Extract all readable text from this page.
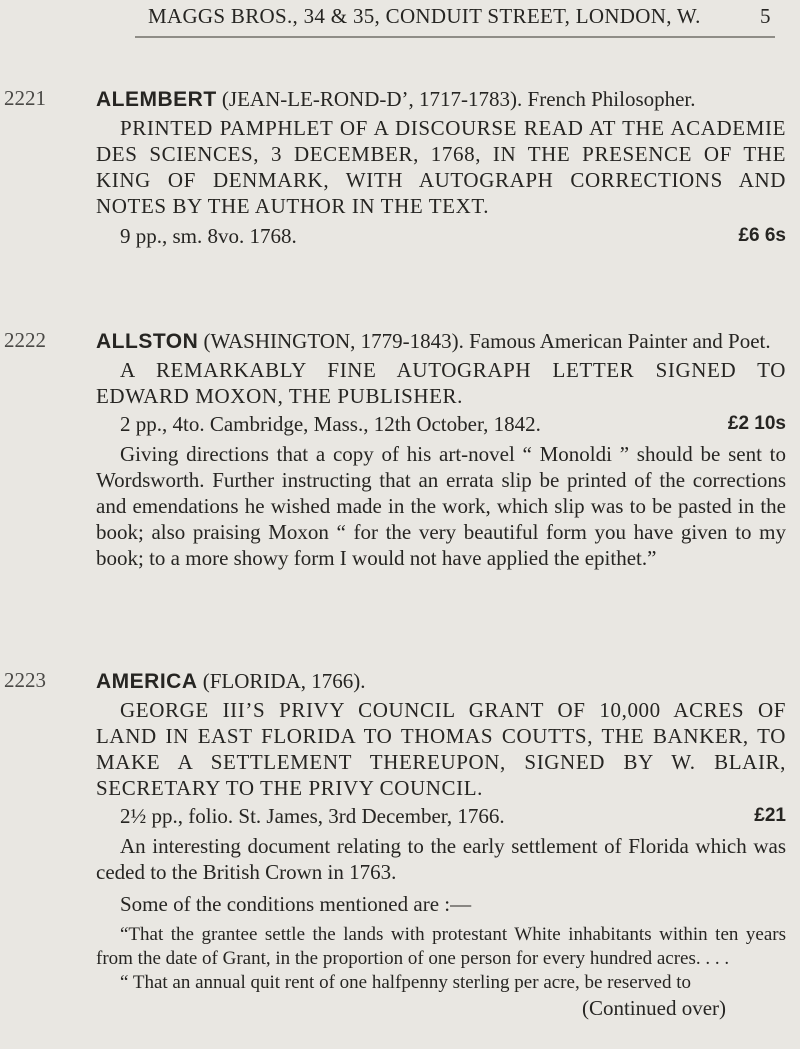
MAGGS BROS., 34 & 35, CONDUIT STREET, LONDON, W.	5
2221 ALEMBERT (JEAN-LE-ROND-D’, 1717-1783). French Philosopher.
PRINTED PAMPHLET OF A DISCOURSE READ AT THE ACADEMIE DES SCIENCES, 3 DECEMBER, 1768, IN THE PRESENCE OF THE KING OF DENMARK, WITH AUTOGRAPH CORRECTIONS AND NOTES BY THE AUTHOR IN THE TEXT.
9 pp., sm. 8vo. 1768.	£6 6s
2222 ALLSTON (WASHINGTON, 1779-1843). Famous American Painter and Poet.
A REMARKABLY FINE AUTOGRAPH LETTER SIGNED TO EDWARD MOXON, THE PUBLISHER.
2 pp., 4to. Cambridge, Mass., 12th October, 1842.	£2 10s

Giving directions that a copy of his art-novel “ Monoldi ” should be sent to Wordsworth. Further instructing that an errata slip be printed of the corrections and emendations he wished made in the work, which slip was to be pasted in the book; also praising Moxon “ for the very beautiful form you have given to my book; to a more showy form I would not have applied the epithet.”

2223 AMERICA (FLORIDA, 1766).
GEORGE III’S PRIVY COUNCIL GRANT OF 10,000 ACRES OF LAND IN EAST FLORIDA TO THOMAS COUTTS, THE BANKER, TO MAKE A SETTLEMENT THEREUPON, SIGNED BY W. BLAIR, SECRETARY TO THE PRIVY COUNCIL.
2½ pp., folio. St. James, 3rd December, 1766.	£21

An interesting document relating to the early settlement of Florida which was ceded to the British Crown in 1763.

Some of the conditions mentioned are :—

“That the grantee settle the lands with protestant White inhabitants within ten years from the date of Grant, in the proportion of one person for every hundred acres. . . .

“ That an annual quit rent of one halfpenny sterling per acre, be reserved to

(Continued over)
